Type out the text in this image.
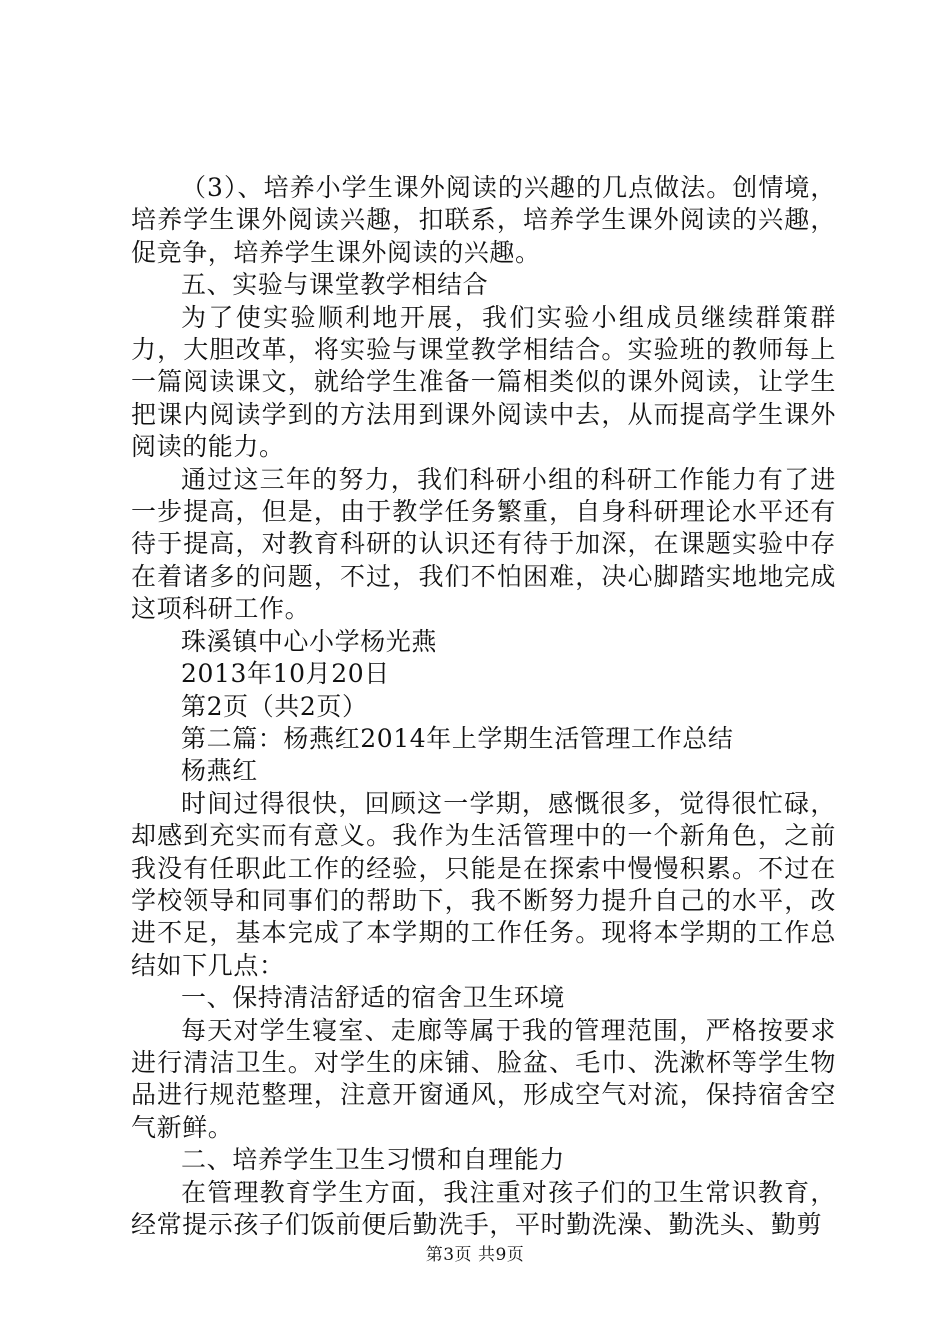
（3）、培养小学生课外阅读的兴趣的几点做法。创情境，培养学生课外阅读兴趣，扣联系，培养学生课外阅读的兴趣，促竞争，培养学生课外阅读的兴趣。

五、实验与课堂教学相结合

为了使实验顺利地开展，我们实验小组成员继续群策群力，大胆改革，将实验与课堂教学相结合。实验班的教师每上一篇阅读课文，就给学生准备一篇相类似的课外阅读，让学生把课内阅读学到的方法用到课外阅读中去，从而提高学生课外阅读的能力。

通过这三年的努力，我们科研小组的科研工作能力有了进一步提高，但是，由于教学任务繁重，自身科研理论水平还有待于提高，对教育科研的认识还有待于加深，在课题实验中存在着诸多的问题，不过，我们不怕困难，决心脚踏实地地完成这项科研工作。

珠溪镇中心小学杨光燕

2013年10月20日

第2页（共2页）

第二篇：杨燕红2014年上学期生活管理工作总结

杨燕红

时间过得很快，回顾这一学期，感慨很多，觉得很忙碌，却感到充实而有意义。我作为生活管理中的一个新角色，之前我没有任职此工作的经验，只能是在探索中慢慢积累。不过在学校领导和同事们的帮助下，我不断努力提升自己的水平，改进不足，基本完成了本学期的工作任务。现将本学期的工作总结如下几点：

一、保持清洁舒适的宿舍卫生环境

每天对学生寝室、走廊等属于我的管理范围，严格按要求进行清洁卫生。对学生的床铺、脸盆、毛巾、洗漱杯等学生物品进行规范整理，注意开窗通风，形成空气对流，保持宿舍空气新鲜。

二、培养学生卫生习惯和自理能力

在管理教育学生方面，我注重对孩子们的卫生常识教育，经常提示孩子们饭前便后勤洗手，平时勤洗澡、勤洗头、勤剪

第3页 共9页
